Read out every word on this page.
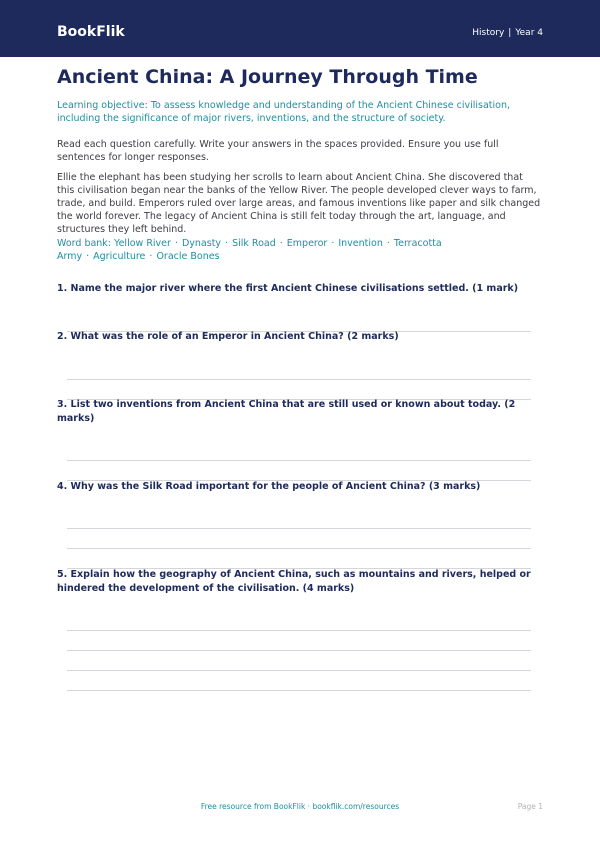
BookFlik	History | Year 4
Ancient China: A Journey Through Time
Learning objective: To assess knowledge and understanding of the Ancient Chinese civilisation, including the significance of major rivers, inventions, and the structure of society.
Read each question carefully. Write your answers in the spaces provided. Ensure you use full sentences for longer responses.
Ellie the elephant has been studying her scrolls to learn about Ancient China. She discovered that this civilisation began near the banks of the Yellow River. The people developed clever ways to farm, trade, and build. Emperors ruled over large areas, and famous inventions like paper and silk changed the world forever. The legacy of Ancient China is still felt today through the art, language, and structures they left behind.
Word bank: Yellow River · Dynasty · Silk Road · Emperor · Invention · Terracotta Army · Agriculture · Oracle Bones
1. Name the major river where the first Ancient Chinese civilisations settled. (1 mark)
2. What was the role of an Emperor in Ancient China? (2 marks)
3. List two inventions from Ancient China that are still used or known about today. (2 marks)
4. Why was the Silk Road important for the people of Ancient China? (3 marks)
5. Explain how the geography of Ancient China, such as mountains and rivers, helped or hindered the development of the civilisation. (4 marks)
Free resource from BookFlik · bookflik.com/resources	Page 1
